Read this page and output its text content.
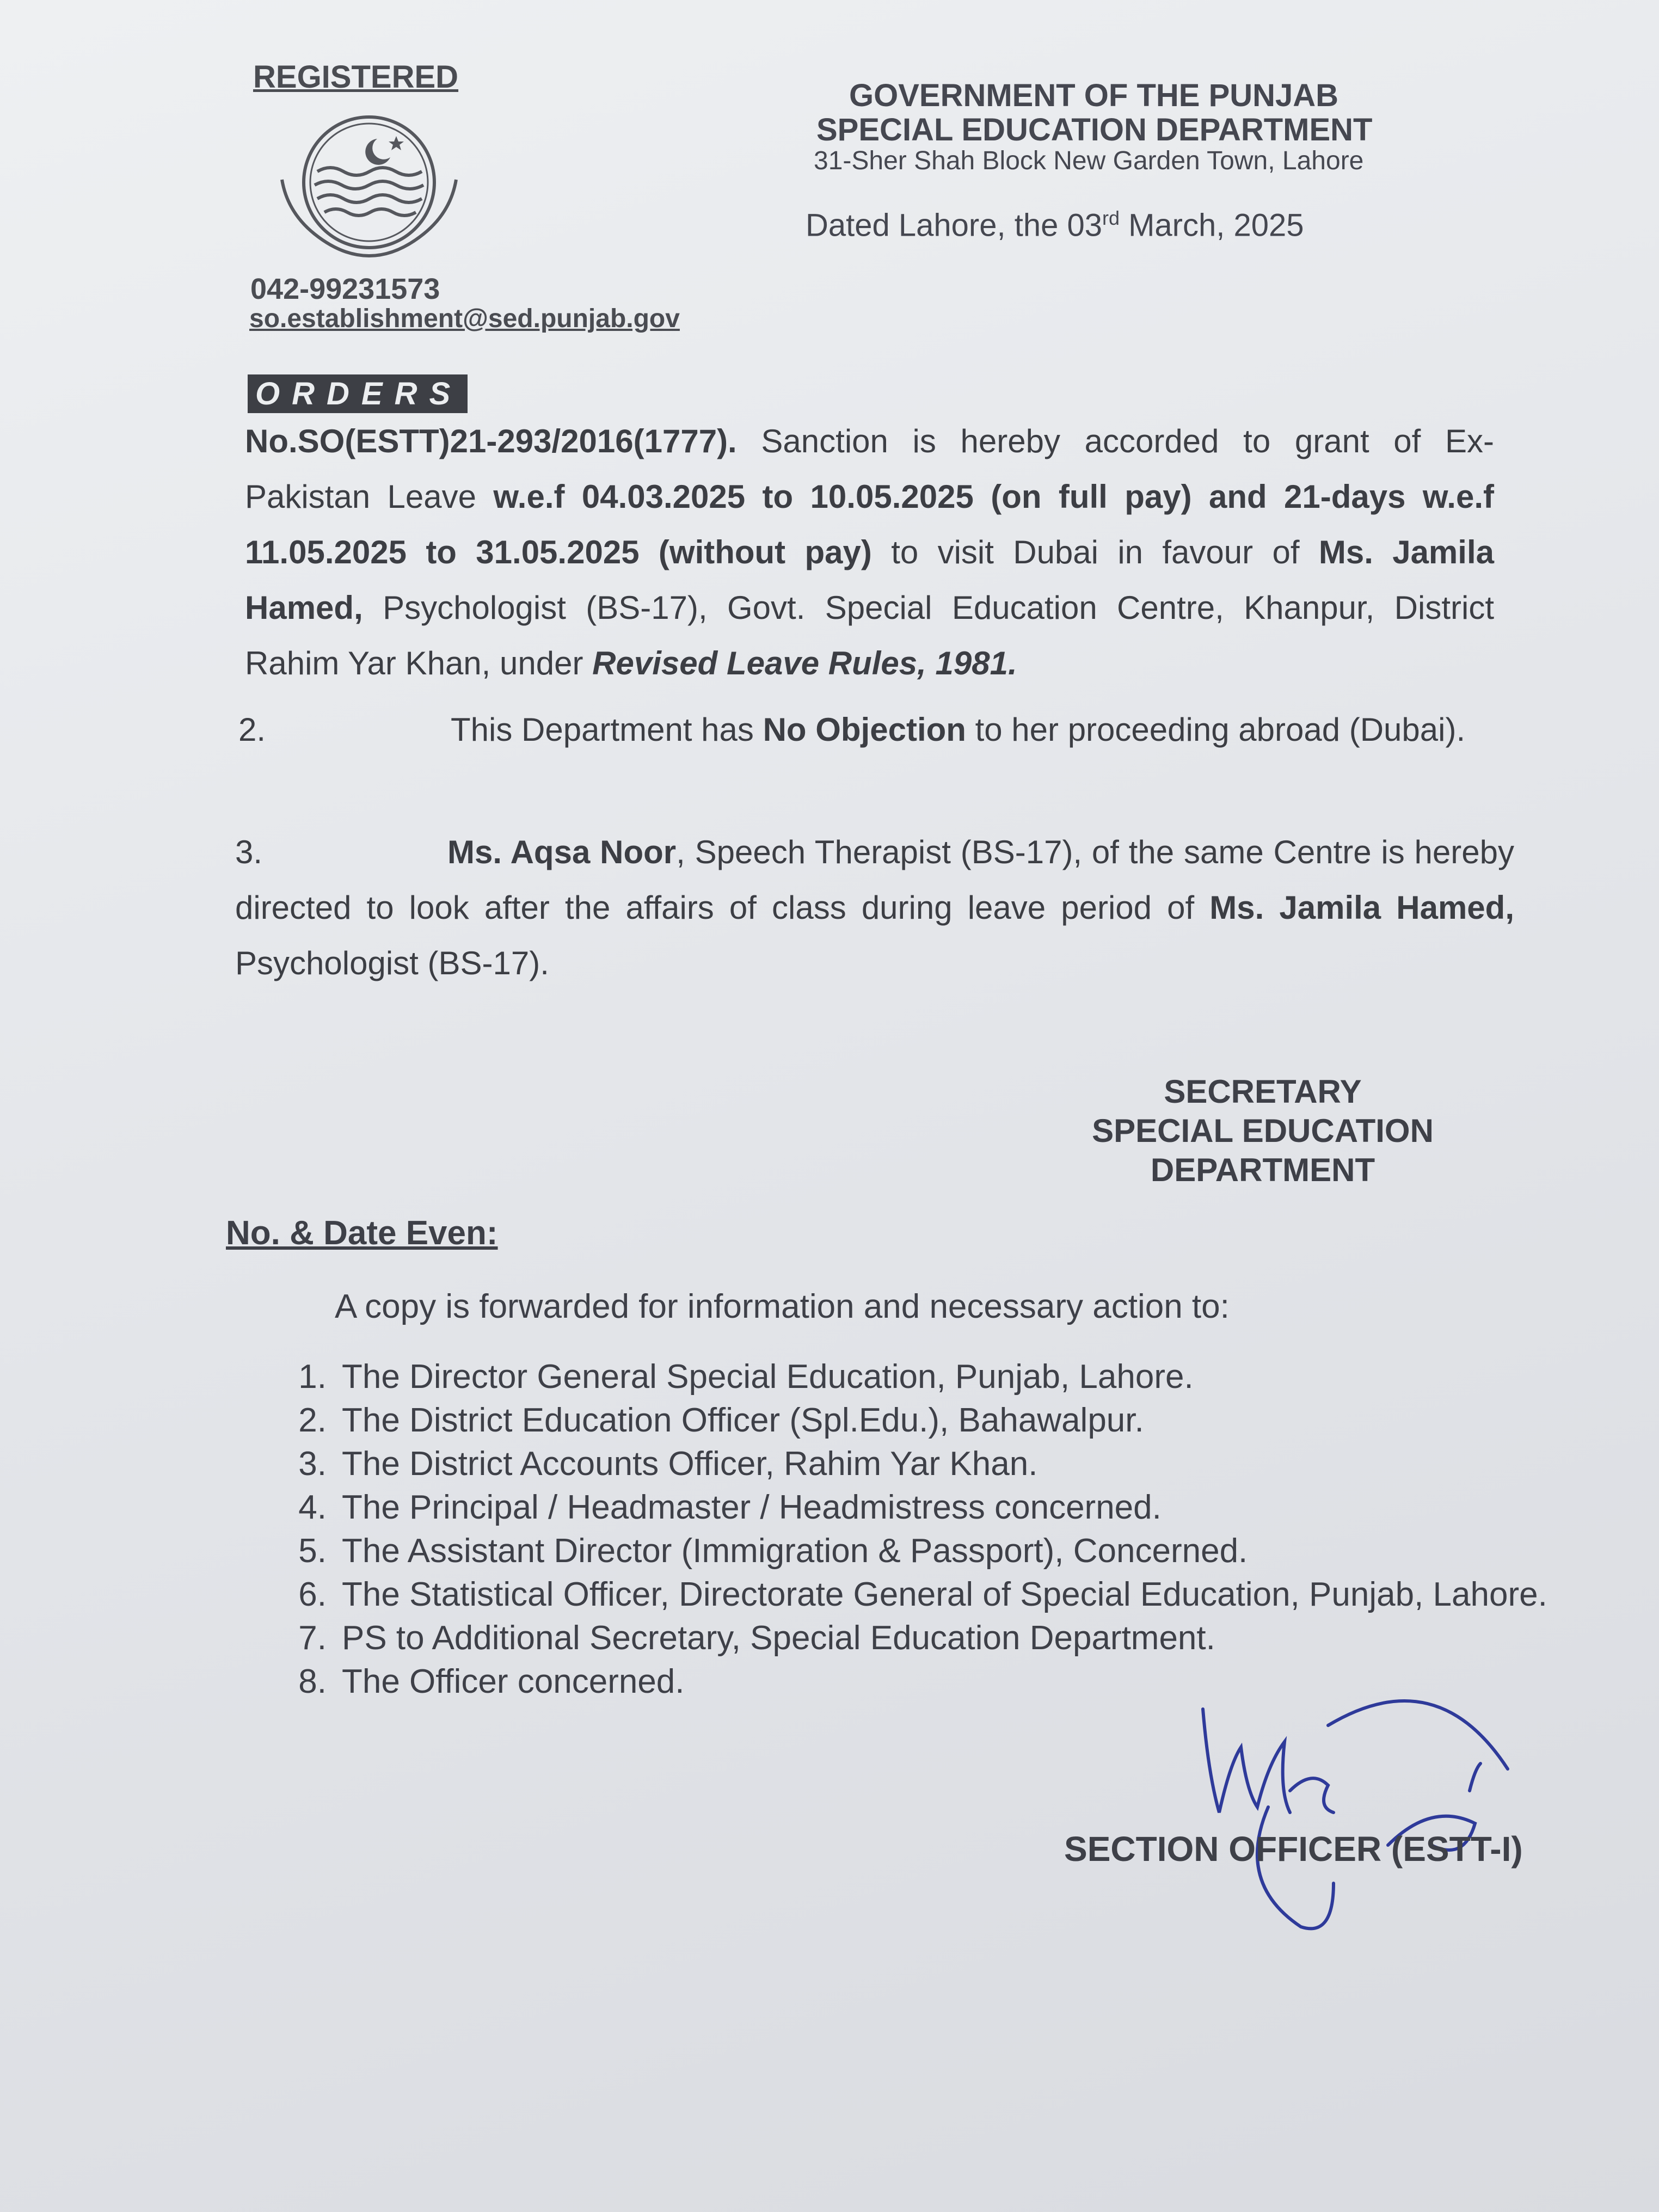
REGISTERED
042-99231573
so.establishment@sed.punjab.gov
GOVERNMENT OF THE PUNJAB
SPECIAL EDUCATION DEPARTMENT
31-Sher Shah Block New Garden Town, Lahore
Dated Lahore, the 03rd March, 2025
ORDERS
No.SO(ESTT)21-293/2016(1777). Sanction is hereby accorded to grant of Ex-Pakistan Leave w.e.f 04.03.2025 to 10.05.2025 (on full pay) and 21-days w.e.f 11.05.2025 to 31.05.2025 (without pay) to visit Dubai in favour of Ms. Jamila Hamed, Psychologist (BS-17), Govt. Special Education Centre, Khanpur, District Rahim Yar Khan, under Revised Leave Rules, 1981.
2.	This Department has No Objection to her proceeding abroad (Dubai).
3.	Ms. Aqsa Noor, Speech Therapist (BS-17), of the same Centre is hereby directed to look after the affairs of class during leave period of Ms. Jamila Hamed, Psychologist (BS-17).
SECRETARY
SPECIAL EDUCATION
DEPARTMENT
No. & Date Even:
A copy is forwarded for information and necessary action to:
1. The Director General Special Education, Punjab, Lahore.
2. The District Education Officer (Spl.Edu.), Bahawalpur.
3. The District Accounts Officer, Rahim Yar Khan.
4. The Principal / Headmaster / Headmistress concerned.
5. The Assistant Director (Immigration & Passport), Concerned.
6. The Statistical Officer, Directorate General of Special Education, Punjab, Lahore.
7. PS to Additional Secretary, Special Education Department.
8. The Officer concerned.
SECTION OFFICER (ESTT-I)
